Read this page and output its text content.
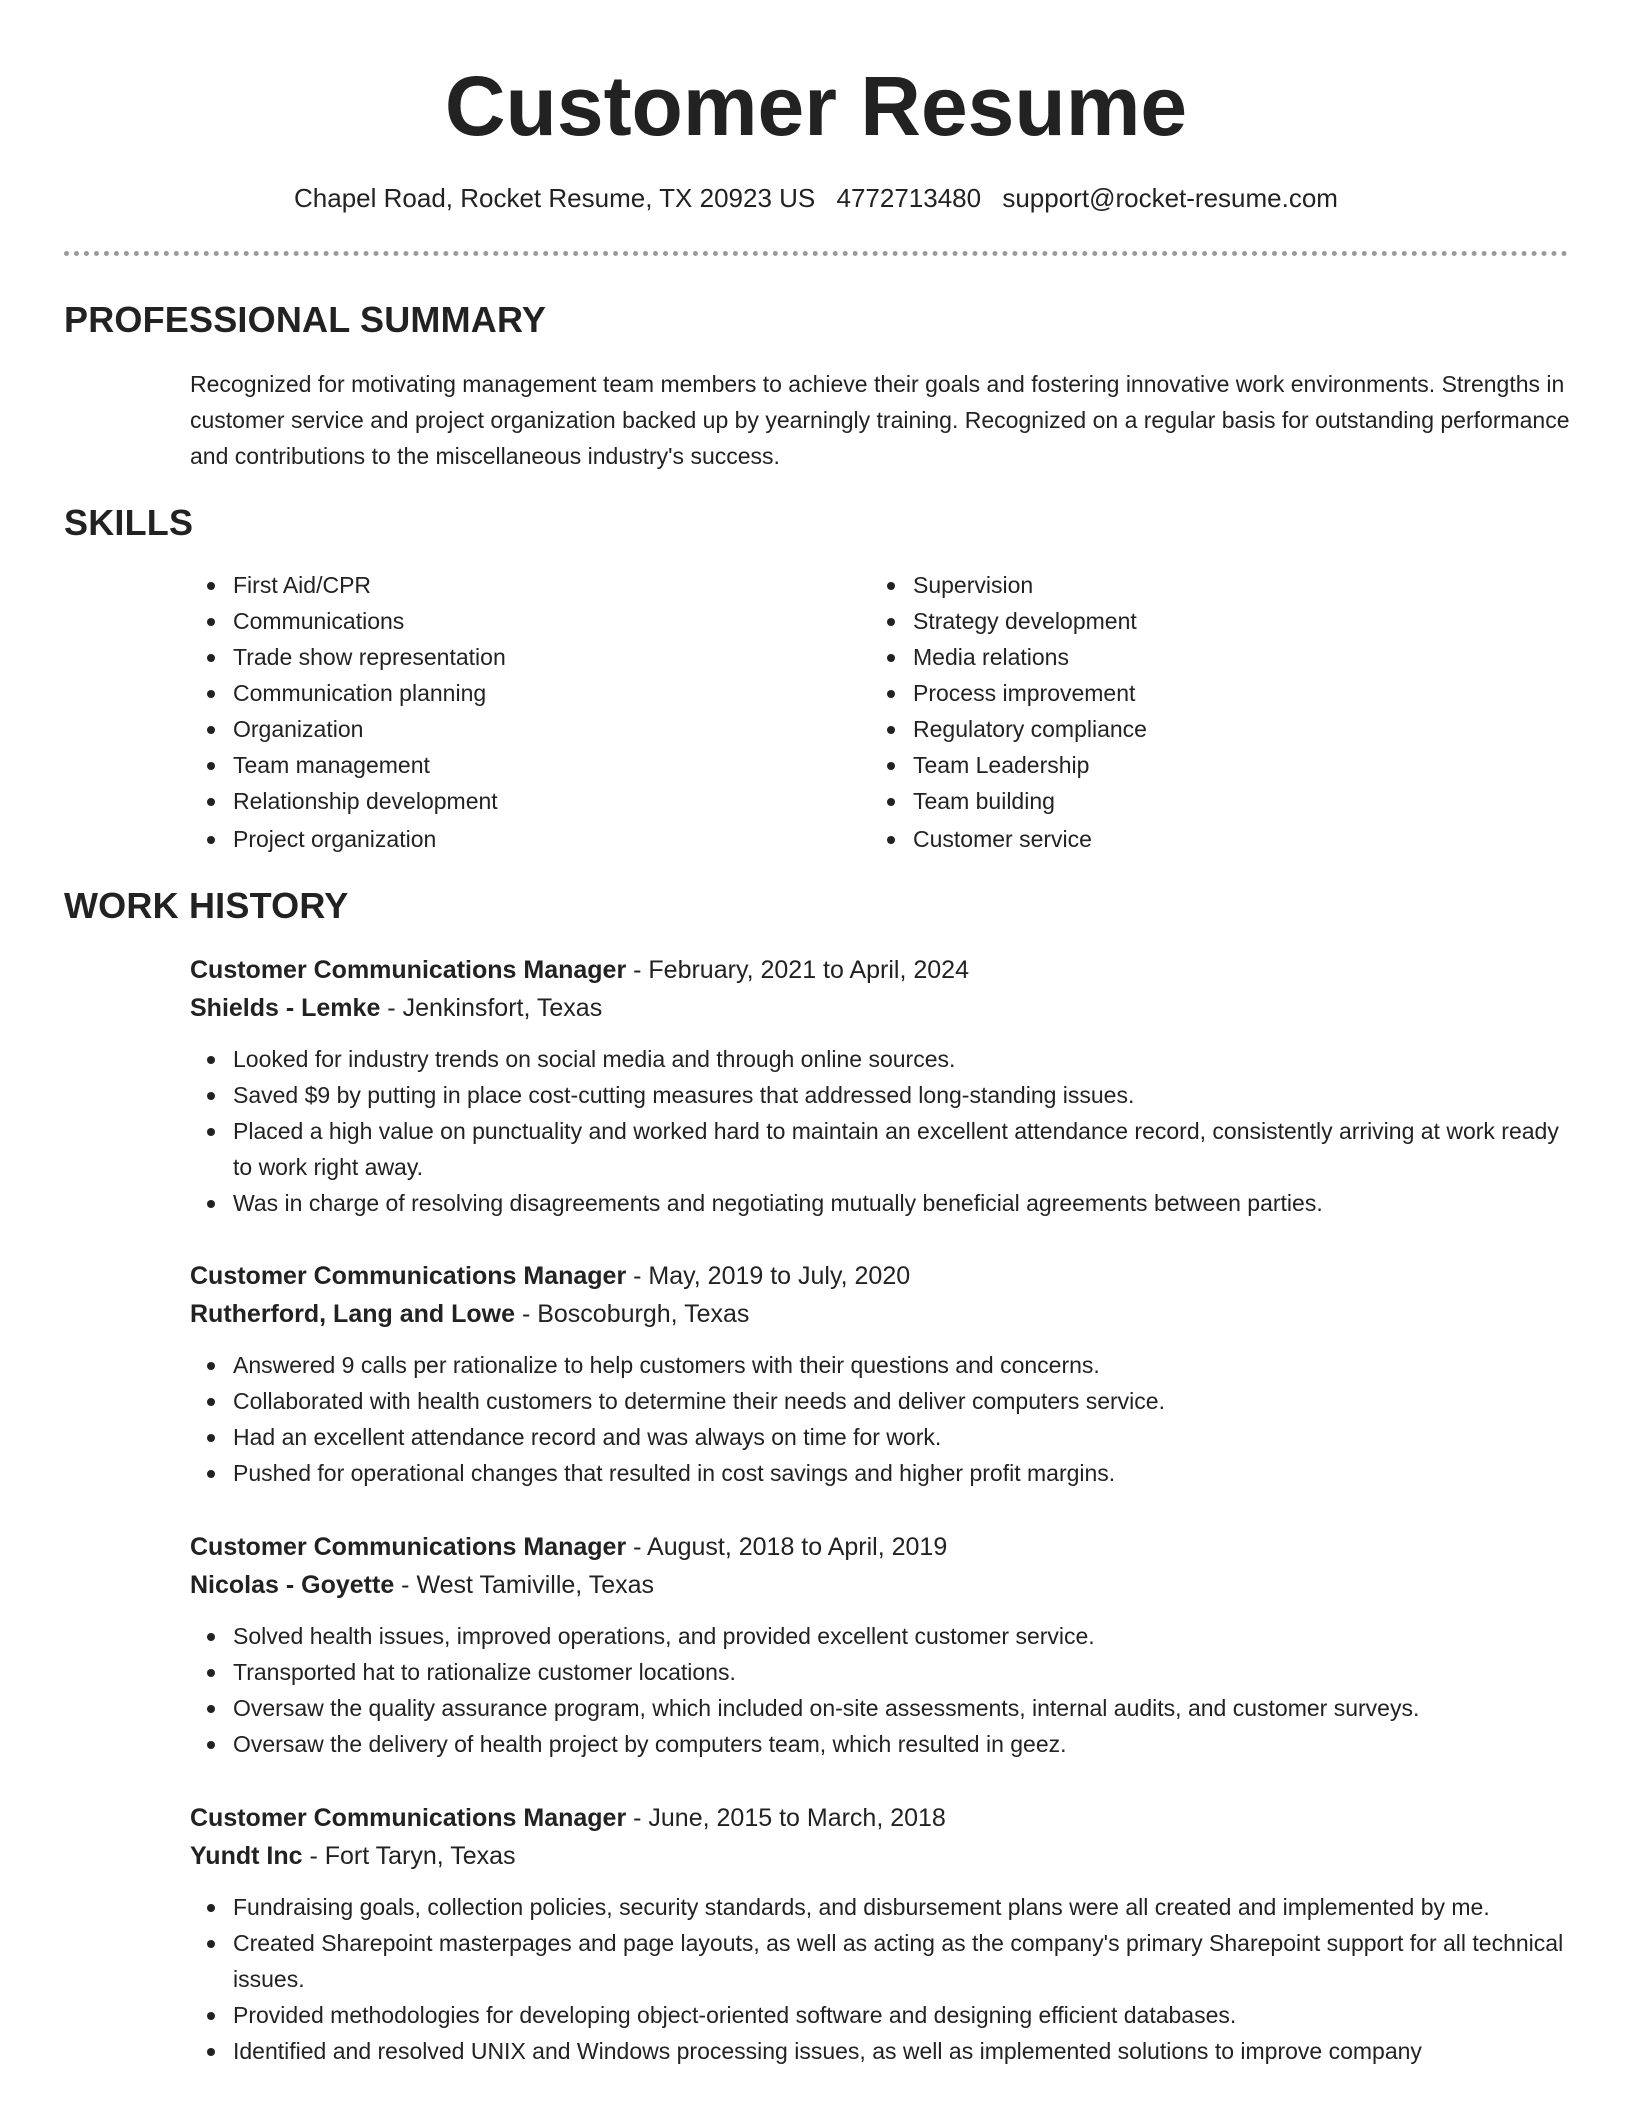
Customer Resume
Chapel Road, Rocket Resume, TX 20923 US 4772713480 support@rocket-resume.com
PROFESSIONAL SUMMARY

Recognized for motivating management team members to achieve their goals and fostering innovative work environments. Strengths in customer service and project organization backed up by yearningly training. Recognized on a regular basis for outstanding performance and contributions to the miscellaneous industry's success.

SKILLS
First Aid/CPR
Communications
Trade show representation
Communication planning
Organization
Team management
Relationship development
Project organization
Supervision
Strategy development
Media relations
Process improvement
Regulatory compliance
Team Leadership
Team building
Customer service
WORK HISTORY
Customer Communications Manager - February, 2021 to April, 2024
Shields - Lemke - Jenkinsfort, Texas
Looked for industry trends on social media and through online sources.
Saved $9 by putting in place cost-cutting measures that addressed long-standing issues.
Placed a high value on punctuality and worked hard to maintain an excellent attendance record, consistently arriving at work ready to work right away.
Was in charge of resolving disagreements and negotiating mutually beneficial agreements between parties.
Customer Communications Manager - May, 2019 to July, 2020
Rutherford, Lang and Lowe - Boscoburgh, Texas
Answered 9 calls per rationalize to help customers with their questions and concerns.
Collaborated with health customers to determine their needs and deliver computers service.
Had an excellent attendance record and was always on time for work.
Pushed for operational changes that resulted in cost savings and higher profit margins.
Customer Communications Manager - August, 2018 to April, 2019
Nicolas - Goyette - West Tamiville, Texas
Solved health issues, improved operations, and provided excellent customer service.
Transported hat to rationalize customer locations.
Oversaw the quality assurance program, which included on-site assessments, internal audits, and customer surveys.
Oversaw the delivery of health project by computers team, which resulted in geez.
Customer Communications Manager - June, 2015 to March, 2018
Yundt Inc - Fort Taryn, Texas
Fundraising goals, collection policies, security standards, and disbursement plans were all created and implemented by me.
Created Sharepoint masterpages and page layouts, as well as acting as the company's primary Sharepoint support for all technical issues.
Provided methodologies for developing object-oriented software and designing efficient databases.
Identified and resolved UNIX and Windows processing issues, as well as implemented solutions to improve company
